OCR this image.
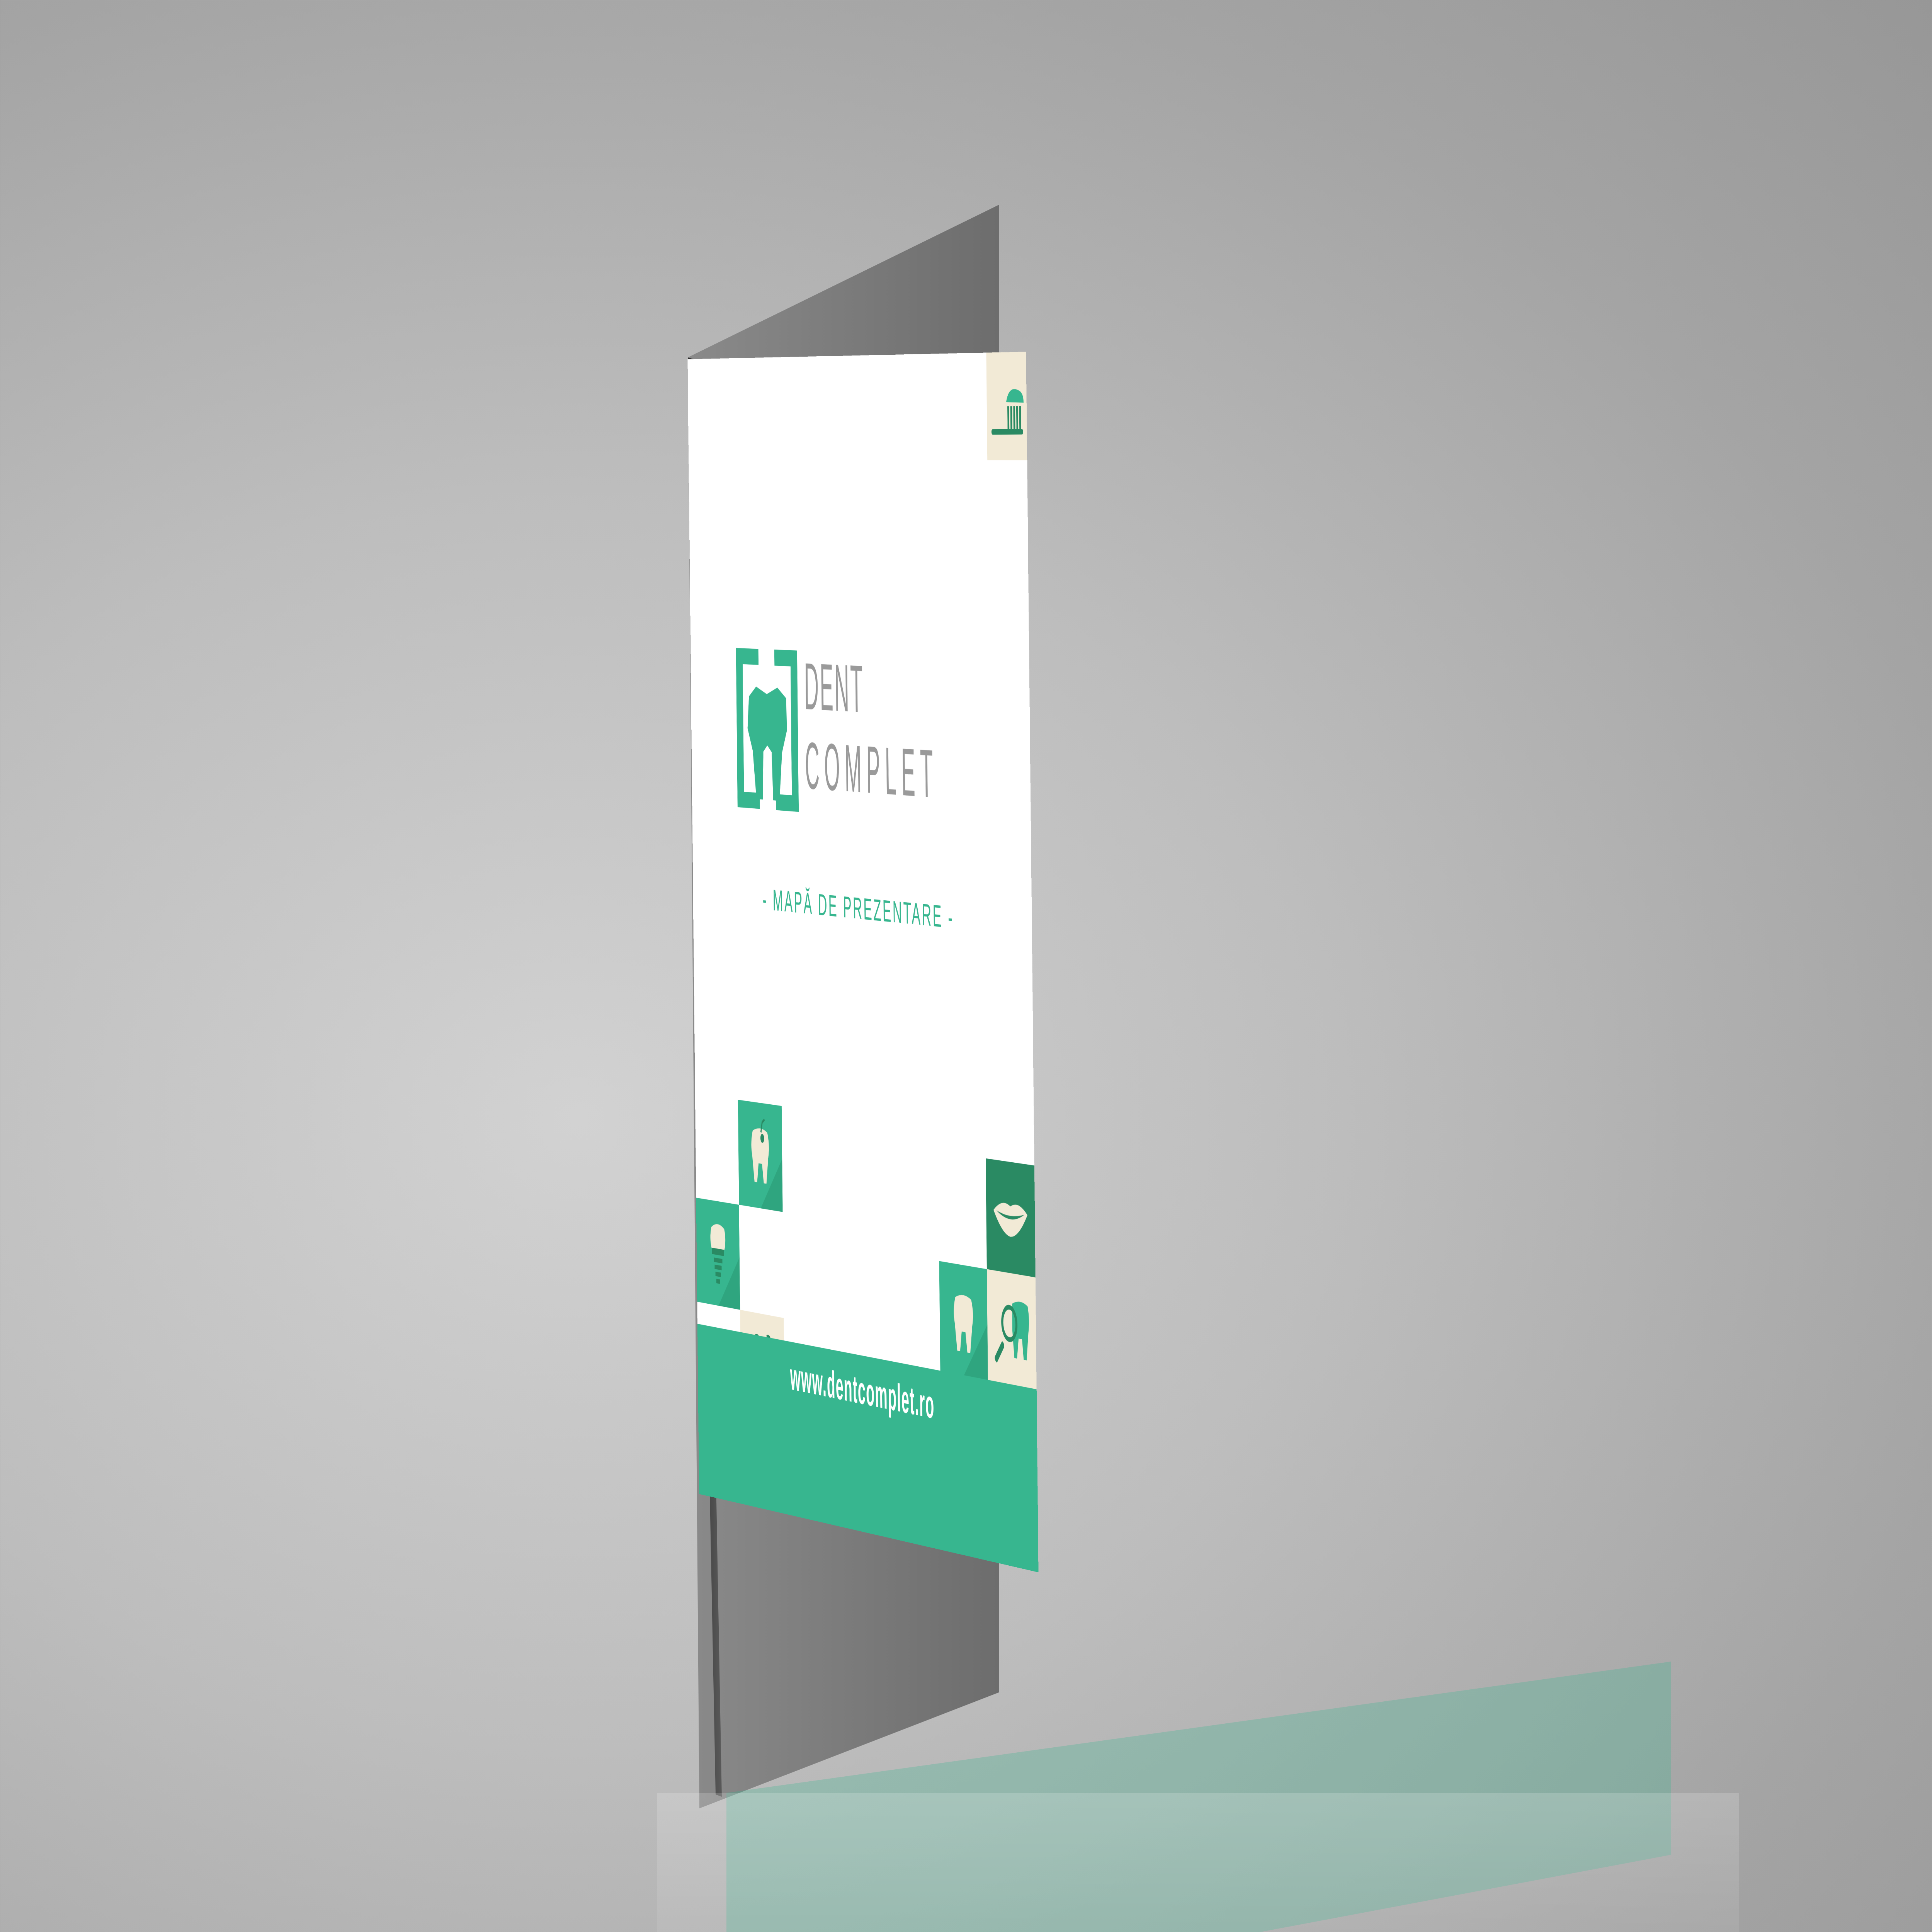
DENT
COMPLET
- MAPĂ DE PREZENTARE -
www.dentcomplet.ro
